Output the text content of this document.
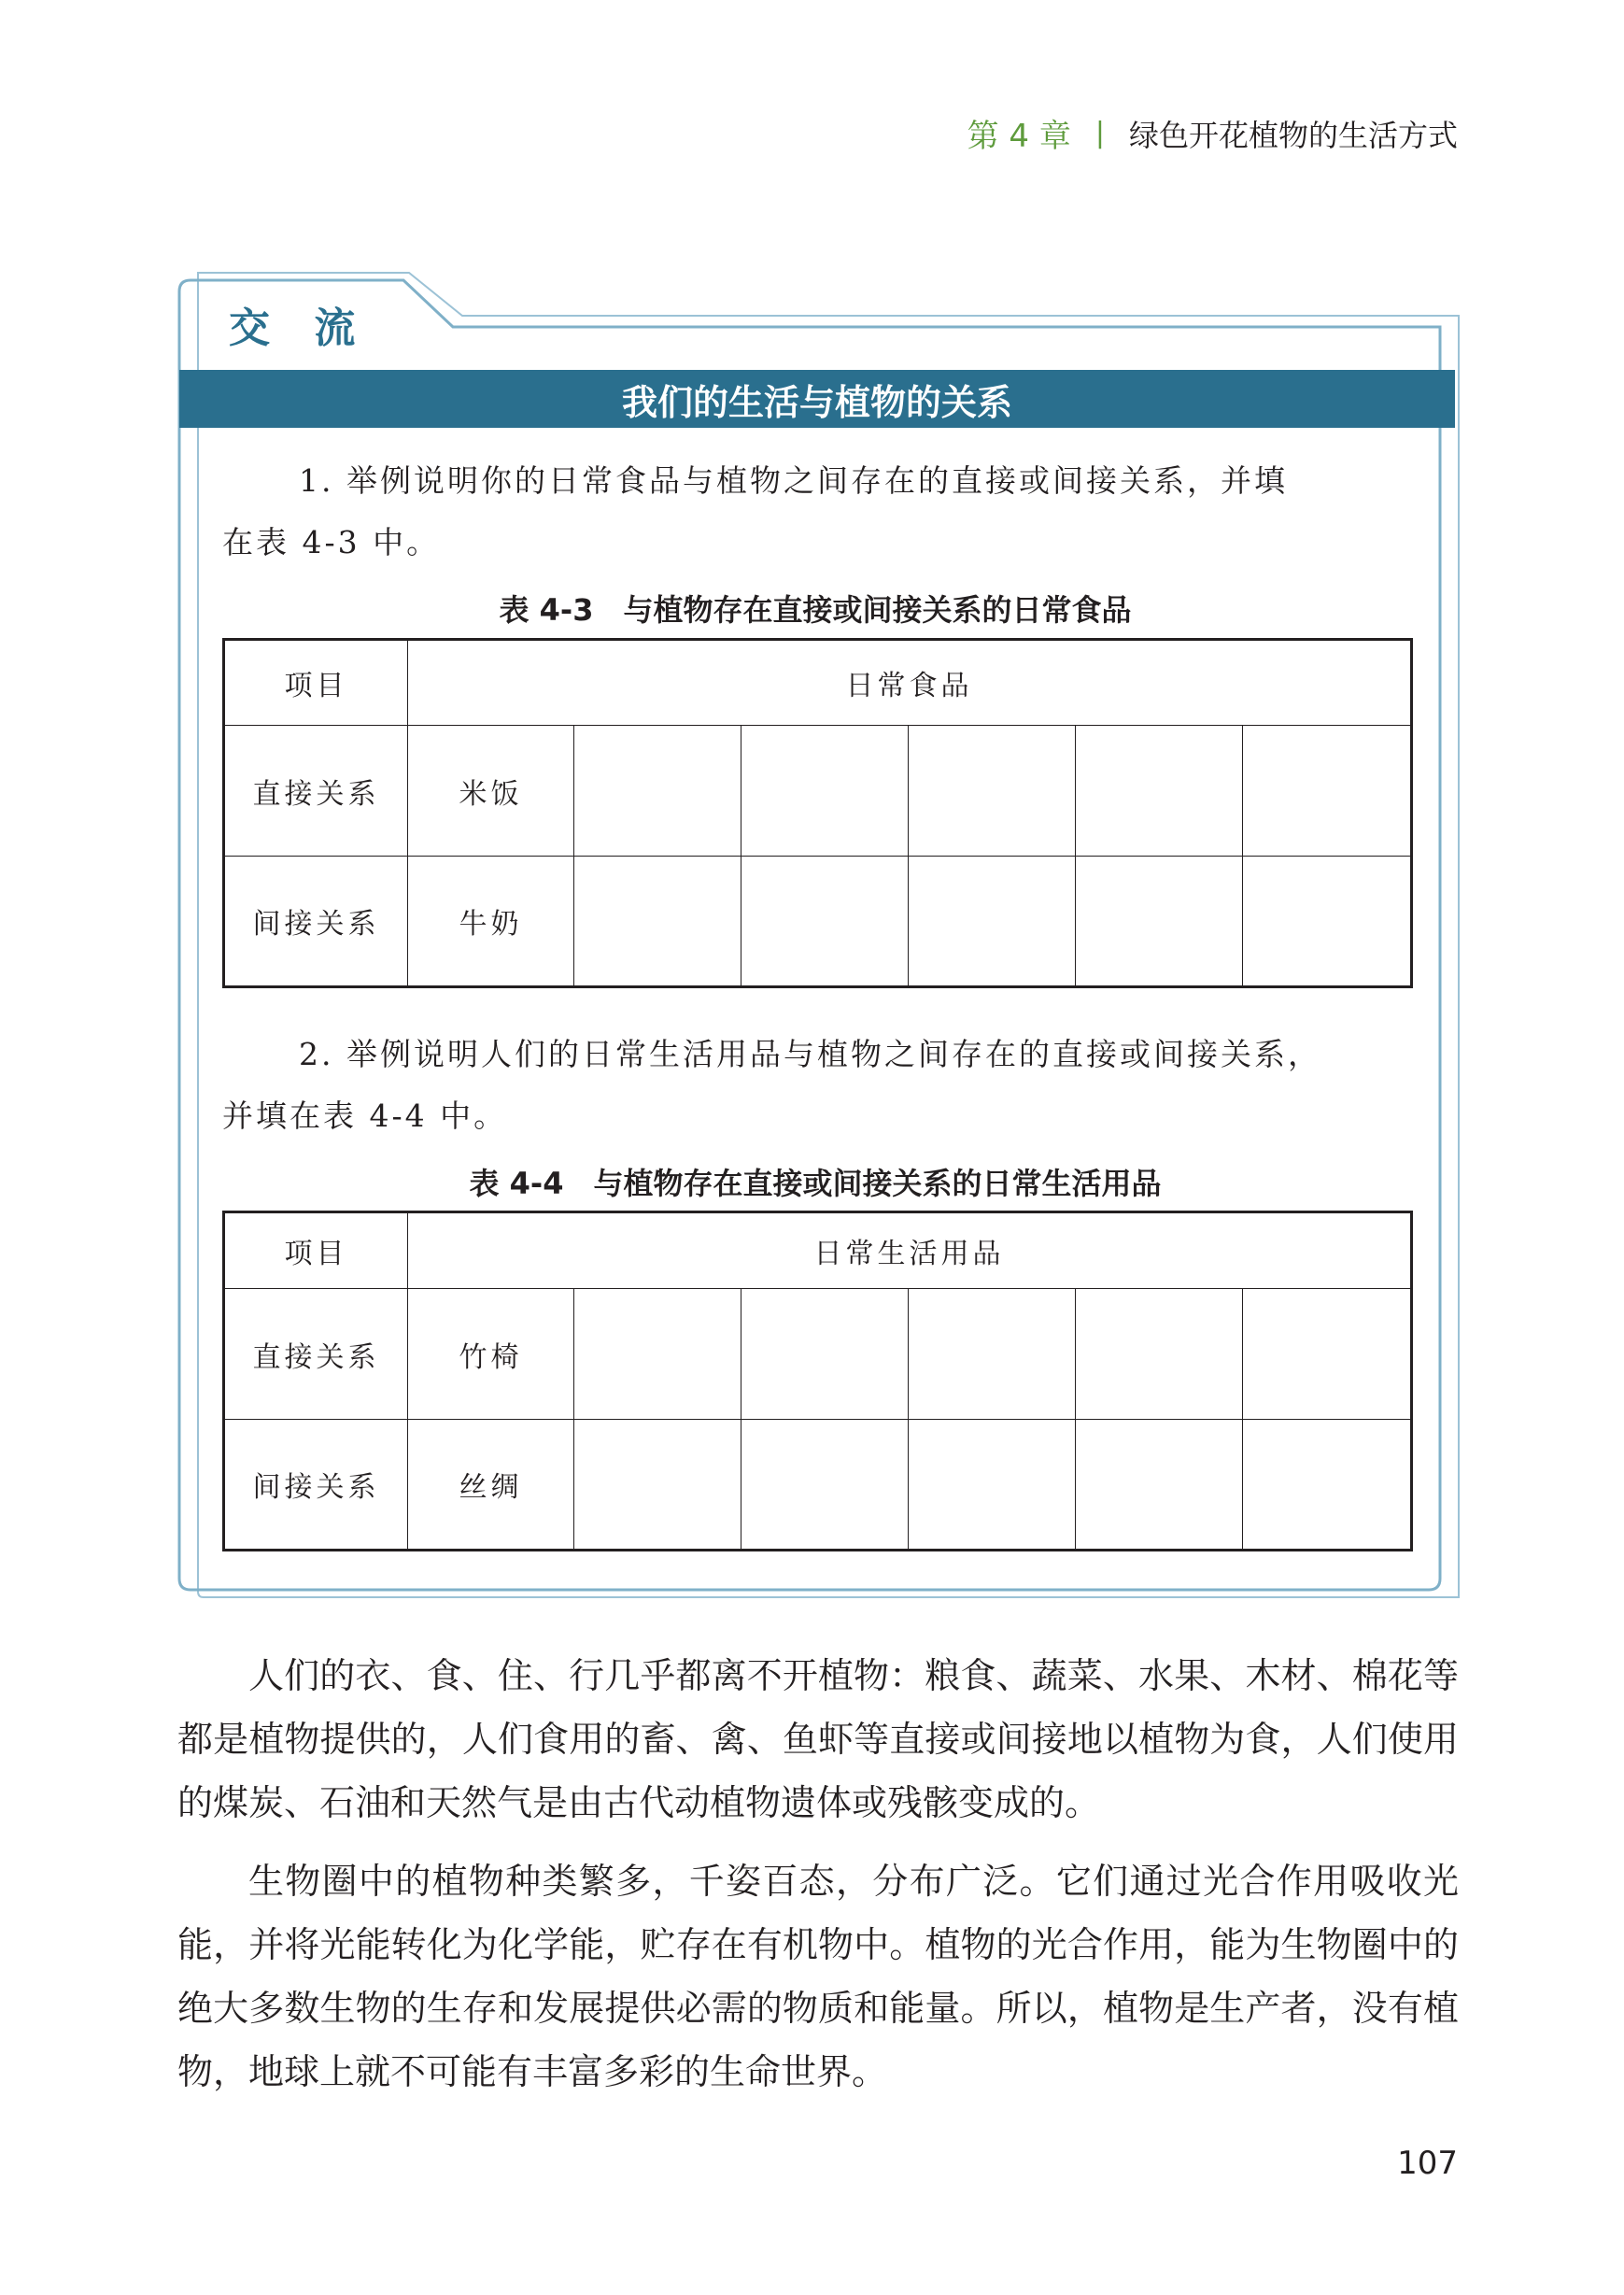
第 4 章 | 绿色开花植物的生活方式
交 流
我们的生活与植物的关系
1. 举例说明你的日常食品与植物之间存在的直接或间接关系，并填
在表 4-3 中。
表 4-3　与植物存在直接或间接关系的日常食品
项目	日常食品					
直接关系	米饭					
间接关系	牛奶					
2. 举例说明人们的日常生活用品与植物之间存在的直接或间接关系，
并填在表 4-4 中。
表 4-4　与植物存在直接或间接关系的日常生活用品
项目	日常生活用品					
直接关系	竹椅					
间接关系	丝绸					

人们的衣、食、住、行几乎都离不开植物：粮食、蔬菜、水果、木材、棉花等都是植物提供的，人们食用的畜、禽、鱼虾等直接或间接地以植物为食，人们使用的煤炭、石油和天然气是由古代动植物遗体或残骸变成的。

生物圈中的植物种类繁多，千姿百态，分布广泛。它们通过光合作用吸收光能，并将光能转化为化学能，贮存在有机物中。植物的光合作用，能为生物圈中的绝大多数生物的生存和发展提供必需的物质和能量。所以，植物是生产者，没有植物，地球上就不可能有丰富多彩的生命世界。

107
